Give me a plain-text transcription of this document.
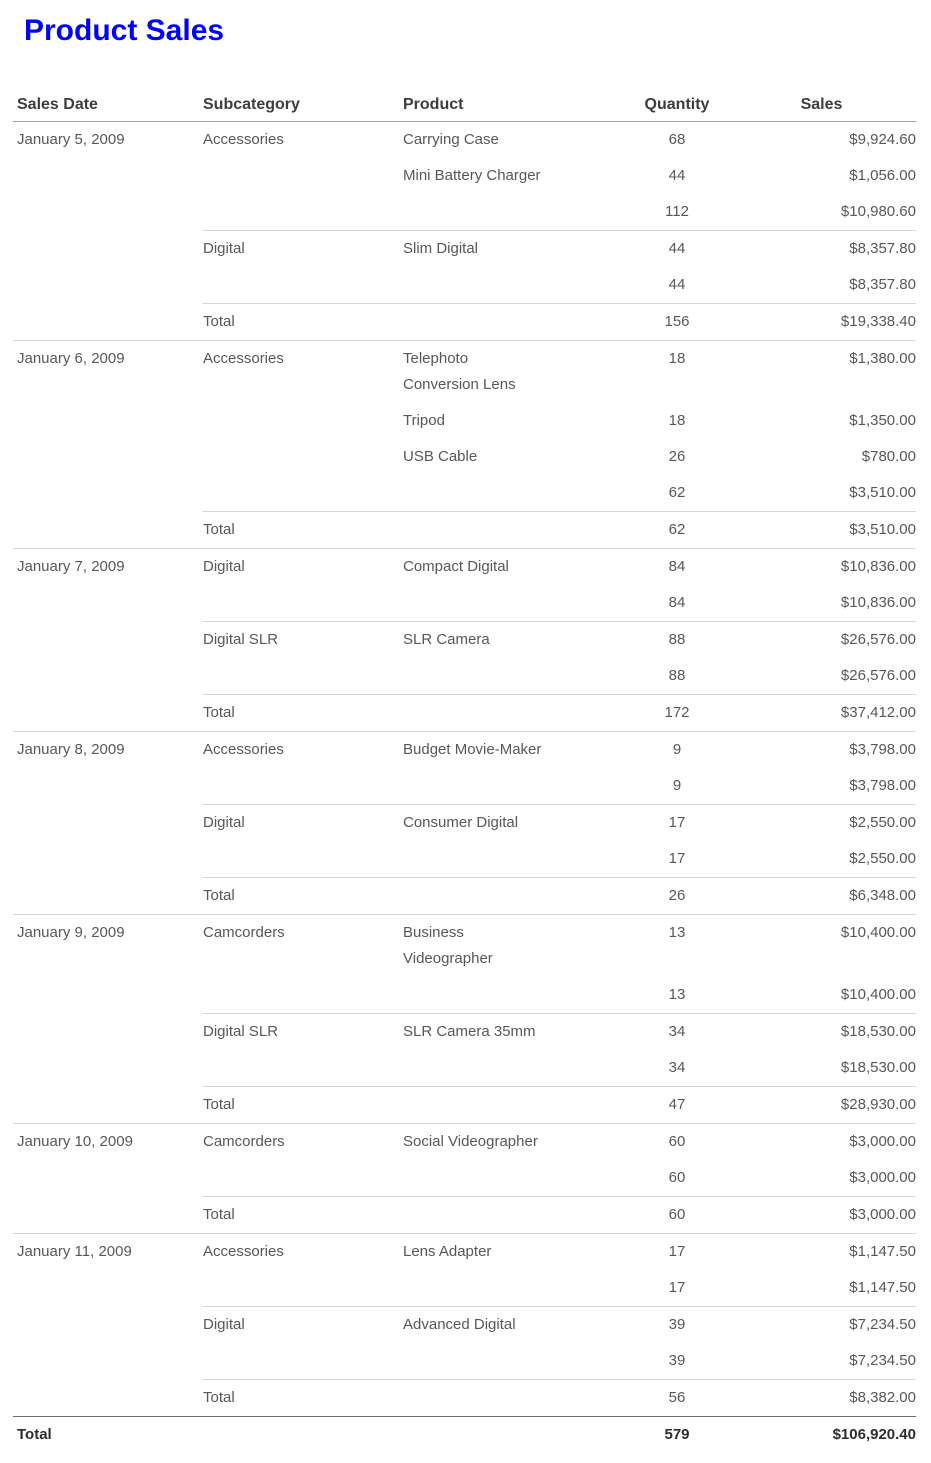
Product Sales
Sales Date	Subcategory	Product	Quantity	Sales
January 5, 2009	Accessories	Carrying Case	68	$9,924.60

		Mini Battery Charger	44	$1,056.00
			112	$10,980.60
	Digital	Slim Digital	44	$8,357.80
			44	$8,357.80
	Total		156	$19,338.40
January 6, 2009	Accessories	Telephoto Conversion Lens	18	$1,380.00

		Tripod	18	$1,350.00

		USB Cable	26	$780.00
			62	$3,510.00
	Total		62	$3,510.00
January 7, 2009	Digital	Compact Digital	84	$10,836.00
			84	$10,836.00
	Digital SLR	SLR Camera	88	$26,576.00
			88	$26,576.00
	Total		172	$37,412.00
January 8, 2009	Accessories	Budget Movie-Maker	9	$3,798.00
			9	$3,798.00
	Digital	Consumer Digital	17	$2,550.00
			17	$2,550.00
	Total		26	$6,348.00
January 9, 2009	Camcorders	Business Videographer	13	$10,400.00
			13	$10,400.00
	Digital SLR	SLR Camera 35mm	34	$18,530.00
			34	$18,530.00
	Total		47	$28,930.00
January 10, 2009	Camcorders	Social Videographer	60	$3,000.00
			60	$3,000.00
	Total		60	$3,000.00
January 11, 2009	Accessories	Lens Adapter	17	$1,147.50
			17	$1,147.50
	Digital	Advanced Digital	39	$7,234.50
			39	$7,234.50
	Total		56	$8,382.00
Total			579	$106,920.40
